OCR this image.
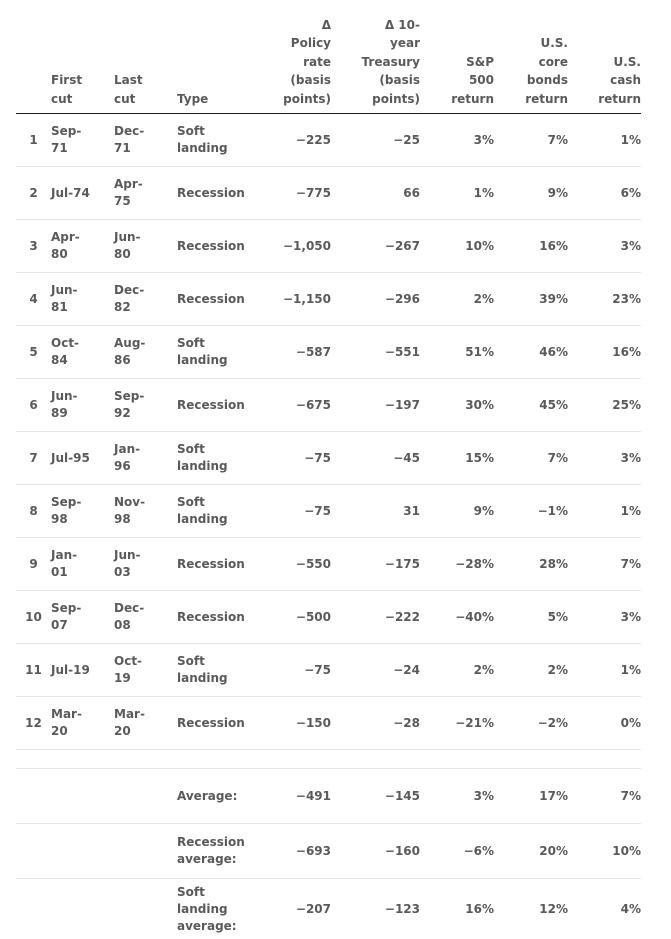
	First
cut	Last
cut	Type	Δ
Policy
rate
(basis
points)	Δ 10-
year
Treasury
(basis
points)	S&P
500
return	U.S.
core
bonds
return	U.S.
cash
return
1	Sep-
71	Dec-
71	Soft
landing	−225	−25	3%	7%	1%
2	Jul-74	Apr-
75	Recession	−775	66	1%	9%	6%
3	Apr-
80	Jun-
80	Recession	−1,050	−267	10%	16%	3%
4	Jun-
81	Dec-
82	Recession	−1,150	−296	2%	39%	23%
5	Oct-
84	Aug-
86	Soft
landing	−587	−551	51%	46%	16%
6	Jun-
89	Sep-
92	Recession	−675	−197	30%	45%	25%
7	Jul-95	Jan-
96	Soft
landing	−75	−45	15%	7%	3%
8	Sep-
98	Nov-
98	Soft
landing	−75	31	9%	−1%	1%
9	Jan-
01	Jun-
03	Recession	−550	−175	−28%	28%	7%
10	Sep-
07	Dec-
08	Recession	−500	−222	−40%	5%	3%
11	Jul-19	Oct-
19	Soft
landing	−75	−24	2%	2%	1%
12	Mar-
20	Mar-
20	Recession	−150	−28	−21%	−2%	0%

			Average:	−491	−145	3%	17%	7%
			Recession
average:	−693	−160	−6%	20%	10%
			Soft
landing
average:	−207	−123	16%	12%	4%
